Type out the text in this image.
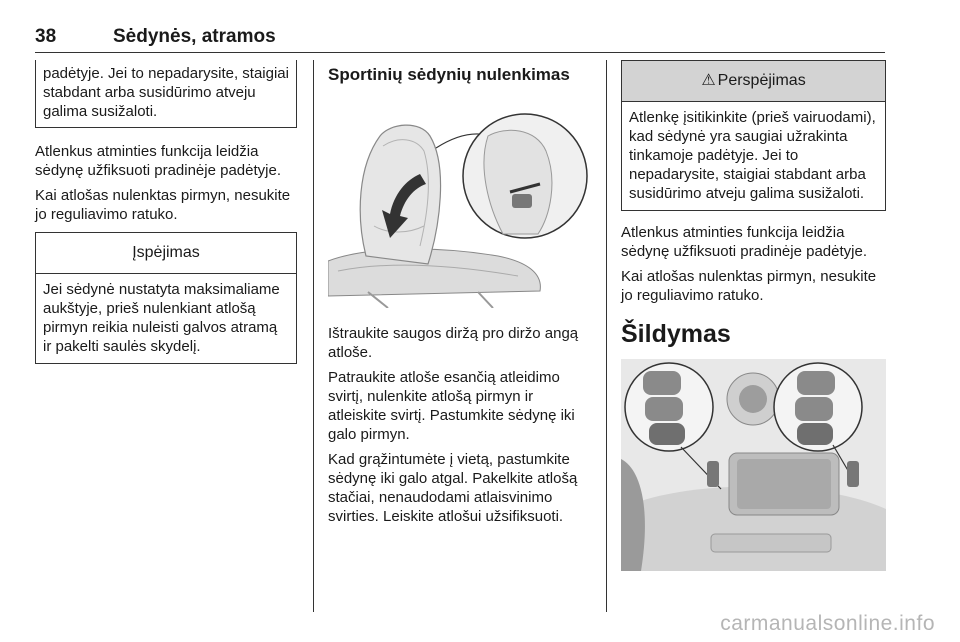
38	Sėdynės, atramos
padėtyje. Jei to nepadarysite, staigiai stabdant arba susidūrimo atveju galima susižaloti.

Atlenkus atminties funkcija leidžia sėdynę užfiksuoti pradinėje padėtyje.

Kai atlošas nulenktas pirmyn, nesukite jo reguliavimo ratuko.

Įspėjimas
Jei sėdynė nustatyta maksimaliame aukštyje, prieš nulenkiant atlošą pirmyn reikia nuleisti galvos atramą ir pakelti saulės skydelį.
Sportinių sėdynių nulenkimas

Ištraukite saugos diržą pro diržo angą atloše.

Patraukite atloše esančią atleidimo svirtį, nulenkite atlošą pirmyn ir atleiskite svirtį. Pastumkite sėdynę iki galo pirmyn.

Kad grąžintumėte į vietą, pastumkite sėdynę iki galo atgal. Pakelkite atlošą stačiai, nenaudodami atlaisvinimo svirties. Leiskite atlošui užsifiksuoti.

⚠ Perspėjimas
Atlenkę įsitikinkite (prieš vairuodami), kad sėdynė yra saugiai užrakinta tinkamoje padėtyje. Jei to nepadarysite, staigiai stabdant arba susidūrimo atveju galima susižaloti.

Atlenkus atminties funkcija leidžia sėdynę užfiksuoti pradinėje padėtyje.

Kai atlošas nulenktas pirmyn, nesukite jo reguliavimo ratuko.

Šildymas
carmanualsonline.info
